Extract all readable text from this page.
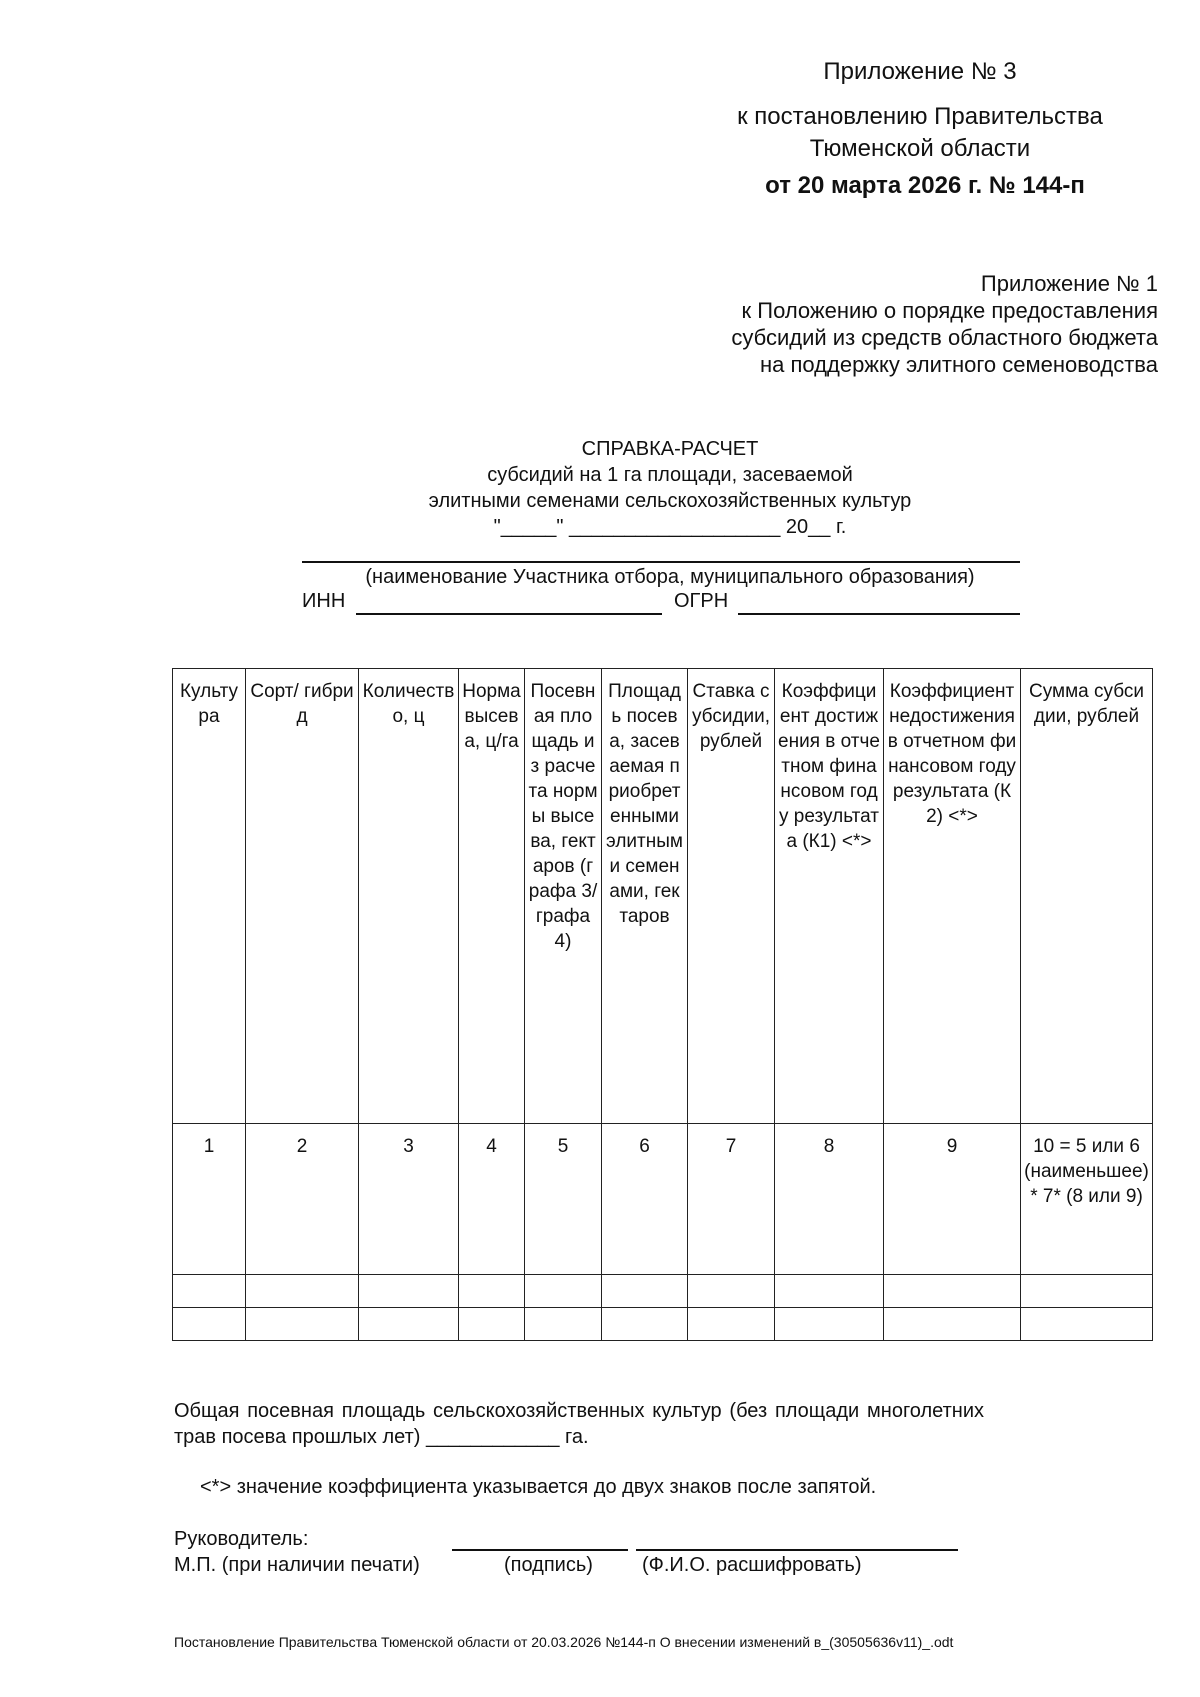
Приложение № 3
к постановлению Правительства
Тюменской области
от 20 марта 2026 г. № 144-п
Приложение № 1
к Положению о порядке предоставления
субсидий из средств областного бюджета
на поддержку элитного семеноводства
СПРАВКА-РАСЧЕТ
субсидий на 1 га площади, засеваемой
элитными семенами сельскохозяйственных культур
"_____" ___________________ 20__ г.
(наименование Участника отбора, муниципального образования)
ИНН	ОГРН
Культура	Сорт/ гибрид	Количество, ц	Норма высева, ц/га	Посевная площадь из расчета нормы высева, гектаров (графа 3/ графа 4)	Площадь посева, засеваемая приобретенными элитными семенами, гектаров	Ставка субсидии, рублей	Коэффициент достижения в отчетном финансовом году результата (К1) <*>	Коэффициент недостижения в отчетном финансовом году результата (К2) <*>	Сумма субсидии, рублей
1	2	3	4	5	6	7	8	9	10 = 5 или 6 (наименьшее) * 7* (8 или 9)

Общая посевная площадь сельскохозяйственных культур (без площади многолетних трав посева прошлых лет) ____________ га.
<*> значение коэффициента указывается до двух знаков после запятой.
Руководитель:
М.П. (при наличии печати)	(подпись) (Ф.И.О. расшифровать)
Постановление Правительства Тюменской области от 20.03.2026 №144-п О внесении изменений в_(30505636v11)_.odt
